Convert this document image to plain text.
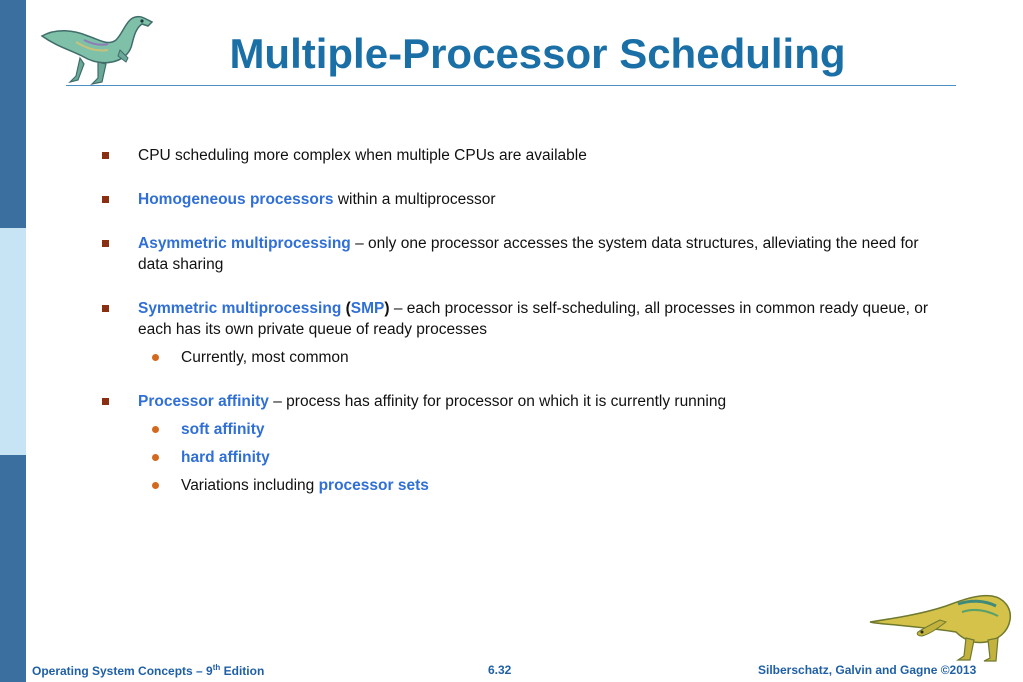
Multiple-Processor Scheduling
CPU scheduling more complex when multiple CPUs are available
Homogeneous processors within a multiprocessor
Asymmetric multiprocessing – only one processor accesses the system data structures, alleviating the need for data sharing
Symmetric multiprocessing (SMP) – each processor is self-scheduling, all processes in common ready queue, or each has its own private queue of ready processes
Currently, most common
Processor affinity – process has affinity for processor on which it is currently running
soft affinity
hard affinity
Variations including processor sets
Operating System Concepts – 9th Edition	6.32	Silberschatz, Galvin and Gagne ©2013
